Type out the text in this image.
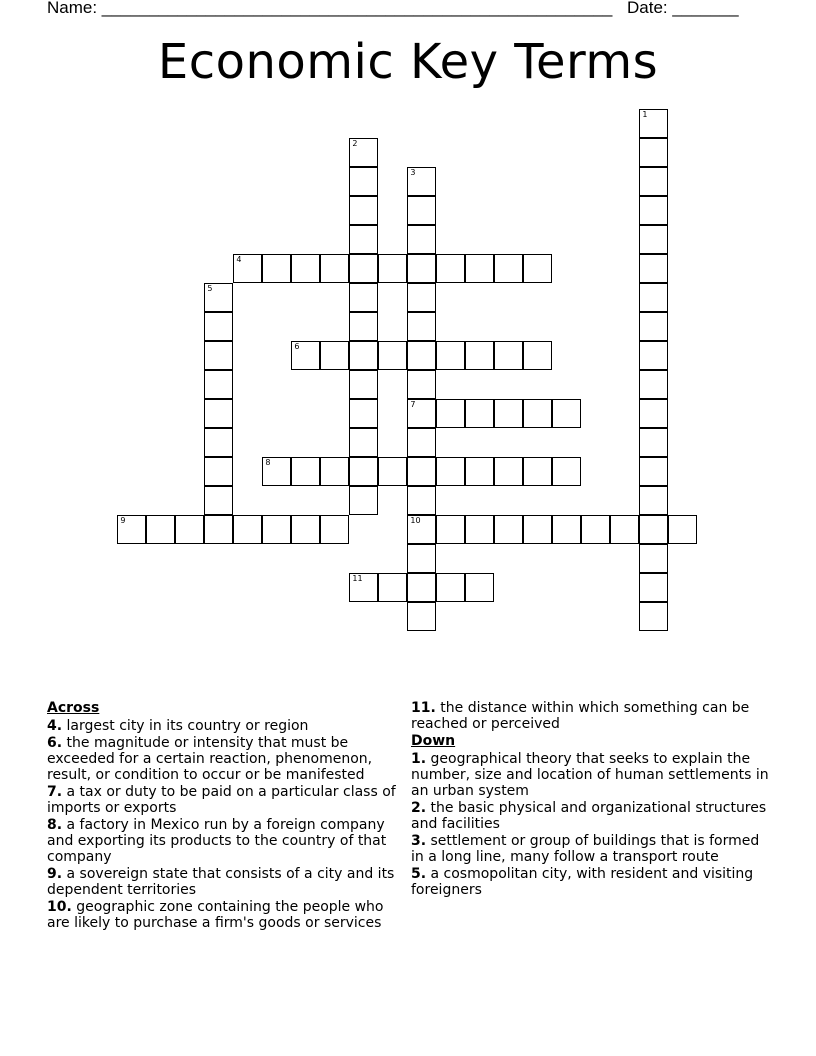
Name: ______________________________________________________ Date: _______
Economic Key Terms
1
2
3
7
10
4
5
6
8
9
11
Across
4. largest city in its country or region
6. the magnitude or intensity that must be exceeded for a certain reaction, phenomenon, result, or condition to occur or be manifested
7. a tax or duty to be paid on a particular class of imports or exports
8. a factory in Mexico run by a foreign company and exporting its products to the country of that company
9. a sovereign state that consists of a city and its dependent territories
10. geographic zone containing the people who are likely to purchase a firm's goods or services
11. the distance within which something can be reached or perceived
Down
1. geographical theory that seeks to explain the number, size and location of human settlements in an urban system
2. the basic physical and organizational structures and facilities
3. settlement or group of buildings that is formed in a long line, many follow a transport route
5. a cosmopolitan city, with resident and visiting foreigners
